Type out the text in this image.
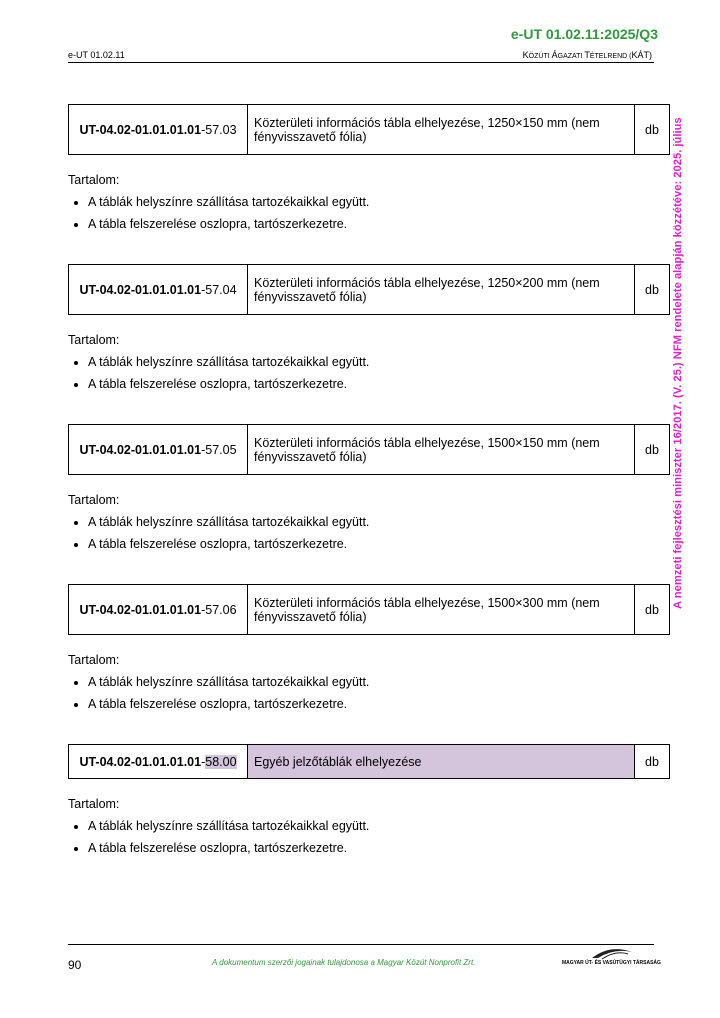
e-UT 01.02.11:2025/Q3
e-UT 01.02.11	KÖZÚTI ÁGAZATI TÉTELREND (KÁT)
A nemzeti fejlesztési miniszter 16/2017. (V. 25.) NFM rendelete alapján közzétéve: 2025. július
UT-04.02-01.01.01.01-57.03	Közterületi információs tábla elhelyezése, 1250×150 mm (nem fényvisszavető fólia)	db
Tartalom:
• A táblák helyszínre szállítása tartozékaikkal együtt.
• A tábla felszerelése oszlopra, tartószerkezetre.
UT-04.02-01.01.01.01-57.04	Közterületi információs tábla elhelyezése, 1250×200 mm (nem fényvisszavető fólia)	db
Tartalom:
• A táblák helyszínre szállítása tartozékaikkal együtt.
• A tábla felszerelése oszlopra, tartószerkezetre.
UT-04.02-01.01.01.01-57.05	Közterületi információs tábla elhelyezése, 1500×150 mm (nem fényvisszavető fólia)	db
Tartalom:
• A táblák helyszínre szállítása tartozékaikkal együtt.
• A tábla felszerelése oszlopra, tartószerkezetre.
UT-04.02-01.01.01.01-57.06	Közterületi információs tábla elhelyezése, 1500×300 mm (nem fényvisszavető fólia)	db
Tartalom:
• A táblák helyszínre szállítása tartozékaikkal együtt.
• A tábla felszerelése oszlopra, tartószerkezetre.
UT-04.02-01.01.01.01-58.00	Egyéb jelzőtáblák elhelyezése	db
Tartalom:
• A táblák helyszínre szállítása tartozékaikkal együtt.
• A tábla felszerelése oszlopra, tartószerkezetre.
90	A dokumentum szerzői jogainak tulajdonosa a Magyar Közút Nonprofit Zrt.	MAGYAR ÚT- ÉS VASÚTÜGYI TÁRSASÁG
